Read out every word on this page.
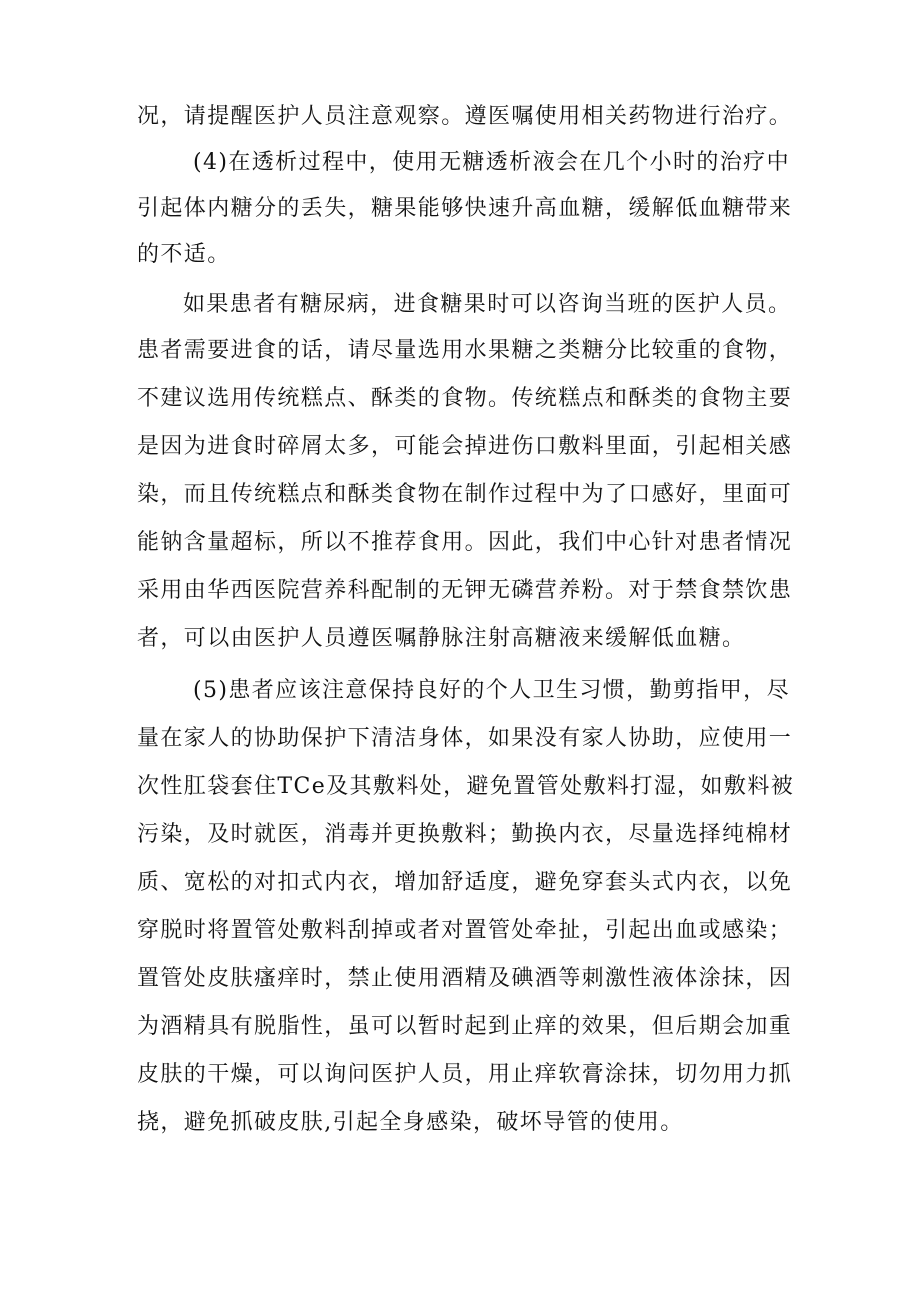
况，请提醒医护人员注意观察。遵医嘱使用相关药物进行治疗。
(4)在透析过程中，使用无糖透析液会在几个小时的治疗中
引起体内糖分的丢失，糖果能够快速升高血糖，缓解低血糖带来
的不适。
如果患者有糖尿病，进食糖果时可以咨询当班的医护人员。
患者需要进食的话，请尽量选用水果糖之类糖分比较重的食物，
不建议选用传统糕点、酥类的食物。传统糕点和酥类的食物主要
是因为进食时碎屑太多，可能会掉进伤口敷料里面，引起相关感
染，而且传统糕点和酥类食物在制作过程中为了口感好，里面可
能钠含量超标，所以不推荐食用。因此，我们中心针对患者情况
采用由华西医院营养科配制的无钾无磷营养粉。对于禁食禁饮患
者，可以由医护人员遵医嘱静脉注射高糖液来缓解低血糖。
(5)患者应该注意保持良好的个人卫生习惯，勤剪指甲，尽
量在家人的协助保护下清洁身体，如果没有家人协助，应使用一
次性肛袋套住TCe及其敷料处，避免置管处敷料打湿，如敷料被
污染，及时就医，消毒并更换敷料；勤换内衣，尽量选择纯棉材
质、宽松的对扣式内衣，增加舒适度，避免穿套头式内衣，以免
穿脱时将置管处敷料刮掉或者对置管处牵扯，引起出血或感染；
置管处皮肤瘙痒时，禁止使用酒精及碘酒等刺激性液体涂抹，因
为酒精具有脱脂性，虽可以暂时起到止痒的效果，但后期会加重
皮肤的干燥，可以询问医护人员，用止痒软膏涂抹，切勿用力抓
挠，避免抓破皮肤,引起全身感染，破坏导管的使用。
